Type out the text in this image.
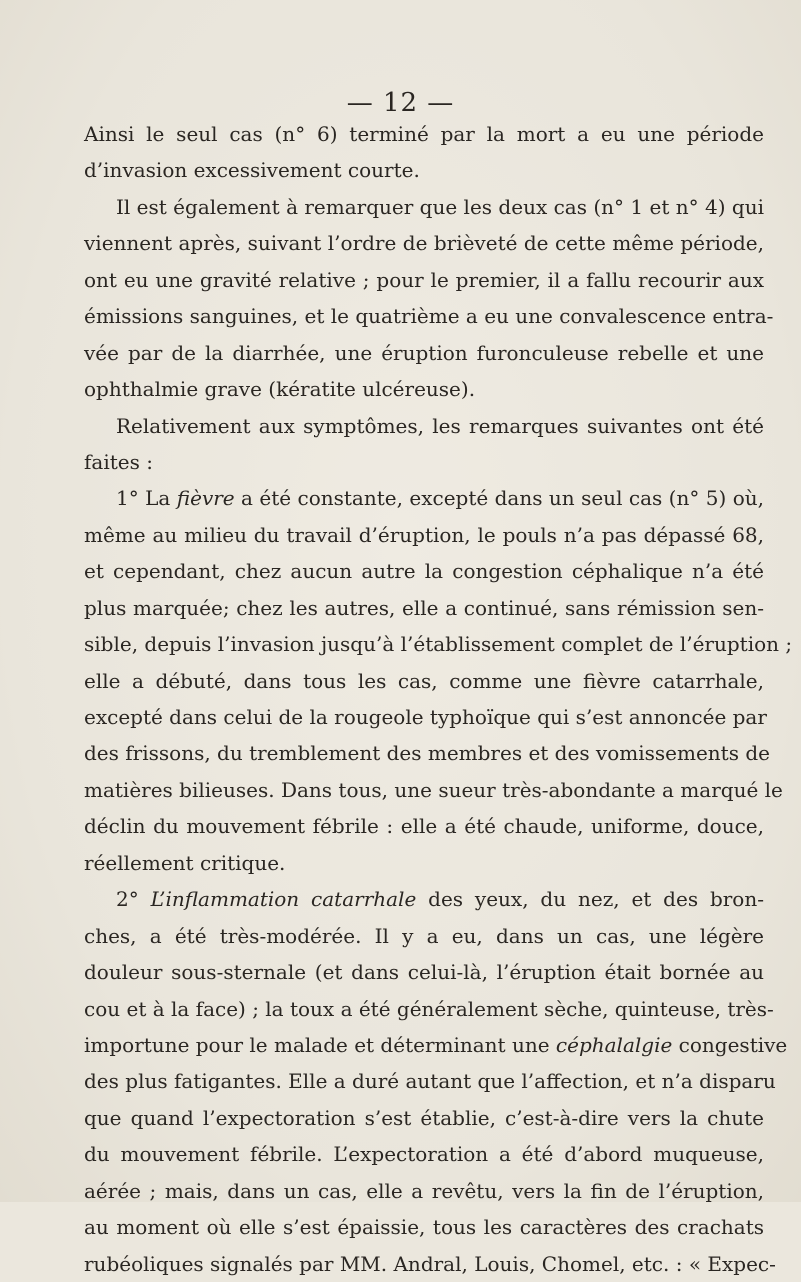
— 12 —
Ainsi le seul cas (n° 6) terminé par la mort a eu une période
d’invasion excessivement courte.
Il est également à remarquer que les deux cas (n° 1 et n° 4) qui
viennent après, suivant l’ordre de brièveté de cette même période,
ont eu une gravité relative ; pour le premier, il a fallu recourir aux
émissions sanguines, et le quatrième a eu une convalescence entra-
vée par de la diarrhée, une éruption furonculeuse rebelle et une
ophthalmie grave (kératite ulcéreuse).
Relativement aux symptômes, les remarques suivantes ont été
faites :
1° La fièvre a été constante, excepté dans un seul cas (n° 5) où,
même au milieu du travail d’éruption, le pouls n’a pas dépassé 68,
et cependant, chez aucun autre la congestion céphalique n’a été
plus marquée; chez les autres, elle a continué, sans rémission sen-
sible, depuis l’invasion jusqu’à l’établissement complet de l’éruption ;
elle a débuté, dans tous les cas, comme une fièvre catarrhale,
excepté dans celui de la rougeole typhoïque qui s’est annoncée par
des frissons, du tremblement des membres et des vomissements de
matières bilieuses. Dans tous, une sueur très-abondante a marqué le
déclin du mouvement fébrile : elle a été chaude, uniforme, douce,
réellement critique.
2° L’inflammation catarrhale des yeux, du nez, et des bron-
ches, a été très-modérée. Il y a eu, dans un cas, une légère
douleur sous-sternale (et dans celui-là, l’éruption était bornée au
cou et à la face) ; la toux a été généralement sèche, quinteuse, très-
importune pour le malade et déterminant une céphalalgie congestive
des plus fatigantes. Elle a duré autant que l’affection, et n’a disparu
que quand l’expectoration s’est établie, c’est-à-dire vers la chute
du mouvement fébrile. L’expectoration a été d’abord muqueuse,
aérée ; mais, dans un cas, elle a revêtu, vers la fin de l’éruption,
au moment où elle s’est épaissie, tous les caractères des crachats
rubéoliques signalés par MM. Andral, Louis, Chomel, etc. : « Expec-
